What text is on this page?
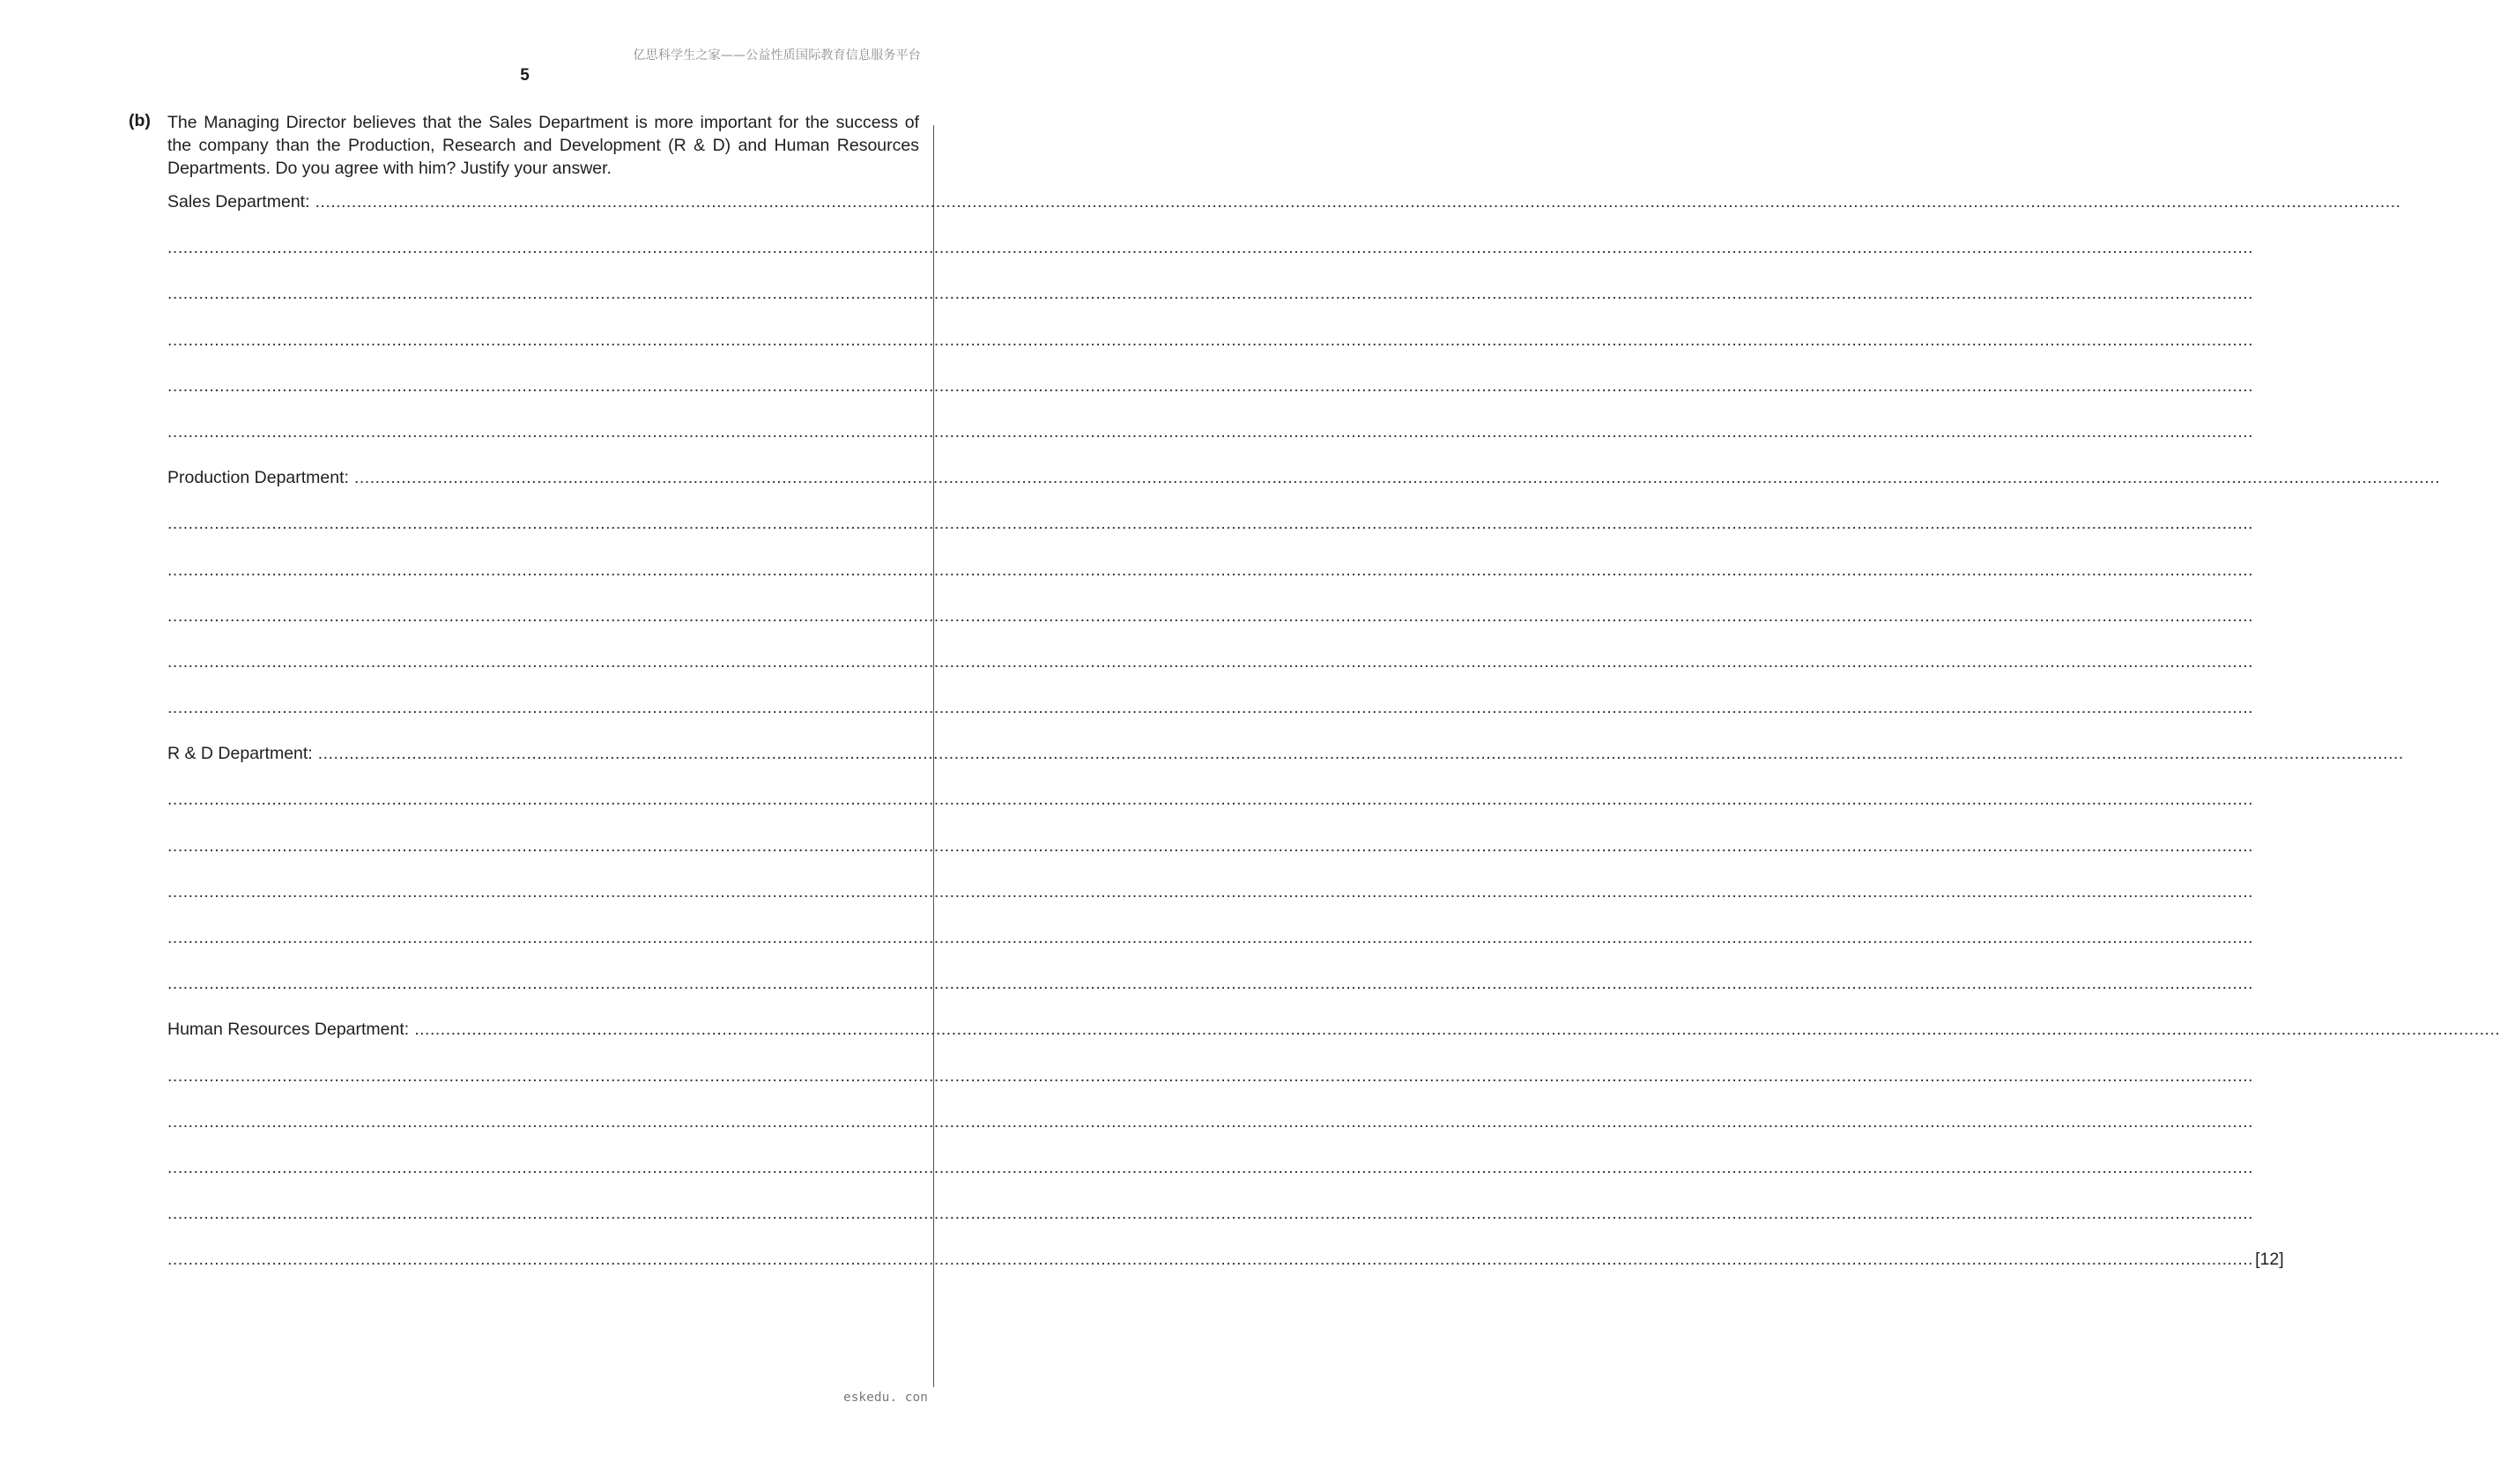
亿思科学生之家——公益性质国际教育信息服务平台
5
(b) The Managing Director believes that the Sales Department is more important for the success of the company than the Production, Research and Development (R & D) and Human Resources Departments. Do you agree with him? Justify your answer.
Sales Department: ................................................................................................................................................................................................................................................................................................................................................................................................................
................................................................................................................................................................................................................................................................................................................................................................................................................
................................................................................................................................................................................................................................................................................................................................................................................................................
................................................................................................................................................................................................................................................................................................................................................................................................................
................................................................................................................................................................................................................................................................................................................................................................................................................
................................................................................................................................................................................................................................................................................................................................................................................................................
Production Department: ................................................................................................................................................................................................................................................................................................................................................................................................................
................................................................................................................................................................................................................................................................................................................................................................................................................
................................................................................................................................................................................................................................................................................................................................................................................................................
................................................................................................................................................................................................................................................................................................................................................................................................................
................................................................................................................................................................................................................................................................................................................................................................................................................
................................................................................................................................................................................................................................................................................................................................................................................................................
R & D Department: ................................................................................................................................................................................................................................................................................................................................................................................................................
................................................................................................................................................................................................................................................................................................................................................................................................................
................................................................................................................................................................................................................................................................................................................................................................................................................
................................................................................................................................................................................................................................................................................................................................................................................................................
................................................................................................................................................................................................................................................................................................................................................................................................................
................................................................................................................................................................................................................................................................................................................................................................................................................
Human Resources Department: ................................................................................................................................................................................................................................................................................................................................................................................................................
................................................................................................................................................................................................................................................................................................................................................................................................................
................................................................................................................................................................................................................................................................................................................................................................................................................
................................................................................................................................................................................................................................................................................................................................................................................................................
................................................................................................................................................................................................................................................................................................................................................................................................................
................................................................................................................................................................................................................................................................................................................................................................................................................ [12]
eskedu. con
